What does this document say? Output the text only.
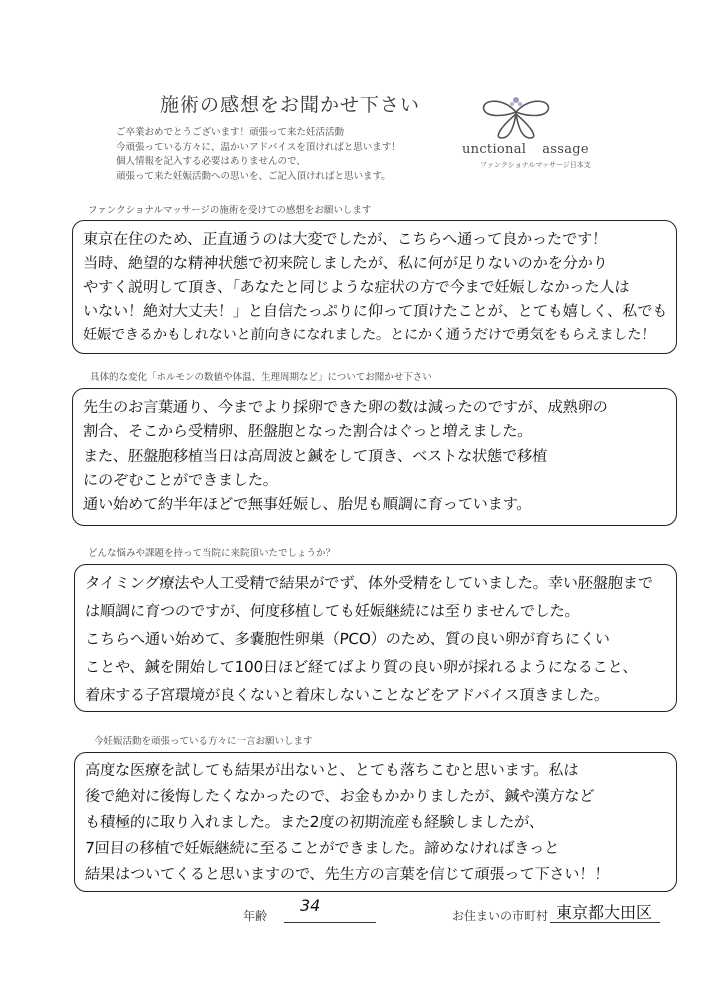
施術の感想をお聞かせ下さい
ご卒業おめでとうございます！頑張って来た妊活活動
今頑張っている方々に、温かいアドバイスを頂ければと思います！
個人情報を記入する必要はありませんので、
頑張って来た妊娠活動への思いを、ご記入頂ければと思います。
unctional assage
ファンクショナルマッサージ日本支
ファンクショナルマッサージの施術を受けての感想をお願いします
東京在住のため、正直通うのは大変でしたが、こちらへ通って良かったです！
当時、絶望的な精神状態で初来院しましたが、私に何が足りないのかを分かり
やすく説明して頂き、「あなたと同じような症状の方で今まで妊娠しなかった人は
いない！絶対大丈夫！」と自信たっぷりに仰って頂けたことが、とても嬉しく、私でも
妊娠できるかもしれないと前向きになれました。とにかく通うだけで勇気をもらえました！
具体的な変化「ホルモンの数値や体温、生理周期など」についてお聞かせ下さい
先生のお言葉通り、今までより採卵できた卵の数は減ったのですが、成熟卵の
割合、そこから受精卵、胚盤胞となった割合はぐっと増えました。
また、胚盤胞移植当日は高周波と鍼をして頂き、ベストな状態で移植
にのぞむことができました。
通い始めて約半年ほどで無事妊娠し、胎児も順調に育っています。
どんな悩みや課題を持って当院に来院頂いたでしょうか？
タイミング療法や人工受精で結果がでず、体外受精をしていました。幸い胚盤胞まで
は順調に育つのですが、何度移植しても妊娠継続には至りませんでした。
こちらへ通い始めて、多嚢胞性卵巣（PCO）のため、質の良い卵が育ちにくい
ことや、鍼を開始して100日ほど経てばより質の良い卵が採れるようになること、
着床する子宮環境が良くないと着床しないことなどをアドバイス頂きました。
今妊娠活動を頑張っている方々に一言お願いします
高度な医療を試しても結果が出ないと、とても落ちこむと思います。私は
後で絶対に後悔したくなかったので、お金もかかりましたが、鍼や漢方など
も積極的に取り入れました。また2度の初期流産も経験しましたが、
7回目の移植で妊娠継続に至ることができました。諦めなければきっと
結果はついてくると思いますので、先生方の言葉を信じて頑張って下さい！！
年齢
34
お住まいの市町村 東京都大田区
